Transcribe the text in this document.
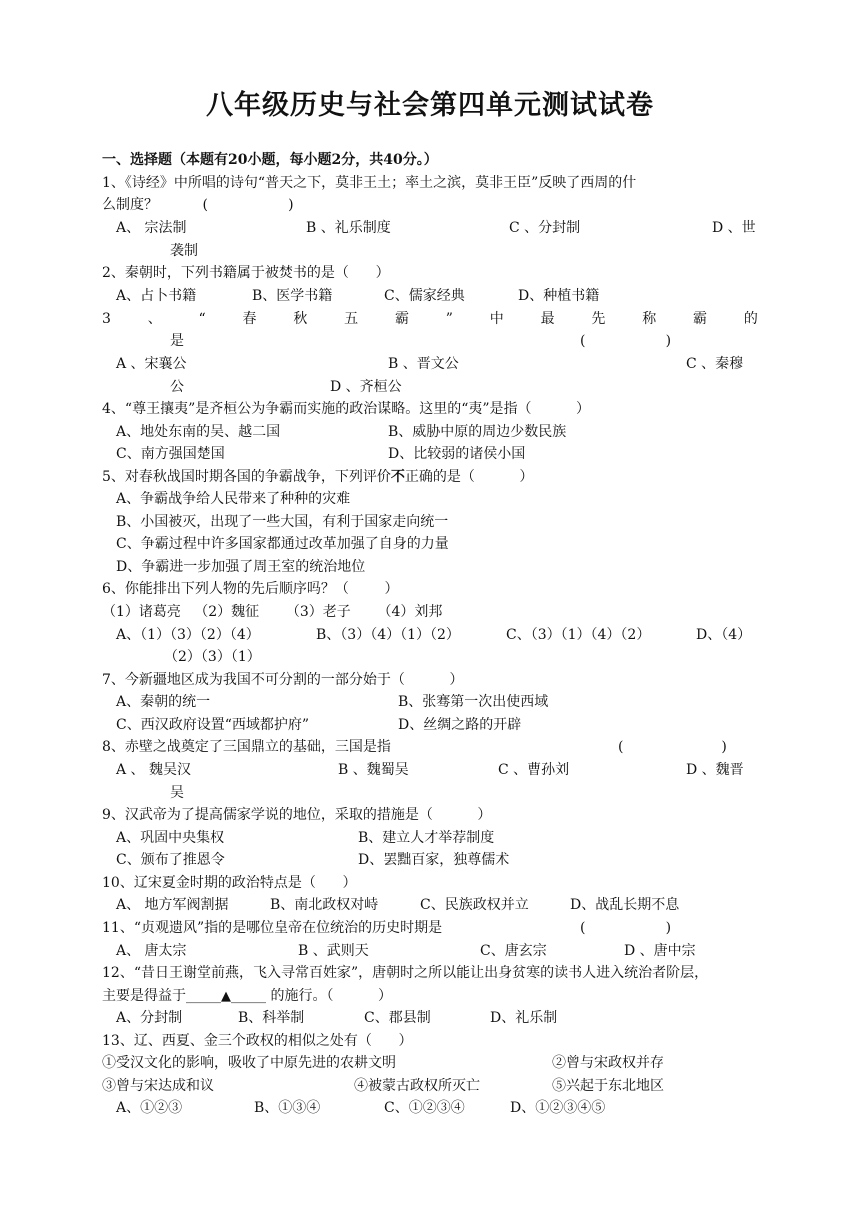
八年级历史与社会第四单元测试试卷
一、选择题（本题有20小题，每小题2分，共40分。）
1、《诗经》中所唱的诗句“普天之下，莫非王土；率土之滨，莫非王臣”反映了西周的什
么制度？          (                  )
A、 宗法制	B 、礼乐制度	C 、分封制	D 、世
袭制
2、秦朝时，下列书籍属于被焚书的是（      ）
A、占卜书籍	B、医学书籍	C、儒家经典	D、种植书籍
3	、	“	春	秋	五	霸	”	中	最	先	称	霸	的
是	(                  )
A 、宋襄公	B 、晋文公	C 、秦穆
公	D 、齐桓公
4、“尊王攘夷”是齐桓公为争霸而实施的政治谋略。这里的“夷”是指（          ）
A、地处东南的吴、越二国	B、威胁中原的周边少数民族
C、南方强国楚国	D、比较弱的诸侯小国
5、对春秋战国时期各国的争霸战争，下列评价不正确的是（          ）
A、争霸战争给人民带来了种种的灾难
B、小国被灭，出现了一些大国，有利于国家走向统一
C、争霸过程中许多国家都通过改革加强了自身的力量
D、争霸进一步加强了周王室的统治地位
6、你能排出下列人物的先后顺序吗？（        ）
（1）诸葛亮   （2）魏征      （3）老子      （4）刘邦
A、（1）（3）（2）（4）	B、（3）（4）（1）（2）	C、（3）（1）（4）（2）	D、（4）
（2）（3）（1）
7、今新疆地区成为我国不可分割的一部分始于（          ）
A、秦朝的统一	B、张骞第一次出使西域
C、西汉政府设置“西域都护府”	D、丝绸之路的开辟
8、赤壁之战奠定了三国鼎立的基础，三国是指	(                      )
A 、 魏吴汉	B 、魏蜀吴	C 、曹孙刘	D 、魏晋
吴
9、汉武帝为了提高儒家学说的地位，采取的措施是（          ）
A、巩固中央集权	B、建立人才举荐制度
C、颁布了推恩令	D、罢黜百家，独尊儒术
10、辽宋夏金时期的政治特点是（      ）
A、 地方军阀割据	B、南北政权对峙	C、民族政权并立	D、战乱长期不息
11、“贞观遗风”指的是哪位皇帝在位统治的历史时期是	(                  )
A、 唐太宗	B 、武则天	C、唐玄宗	D 、唐中宗
12、“昔日王谢堂前燕，飞入寻常百姓家”，唐朝时之所以能让出身贫寒的读书人进入统治者阶层，
主要是得益于_____▲_____ 的施行。（          ）
A、分封制	B、科举制	C、郡县制	D、礼乐制
13、辽、西夏、金三个政权的相似之处有（      ）
①受汉文化的影响，吸收了中原先进的农耕文明	②曾与宋政权并存
③曾与宋达成和议	④被蒙古政权所灭亡	⑤兴起于东北地区
A、①②③	B、①③④	C、①②③④	D、①②③④⑤
